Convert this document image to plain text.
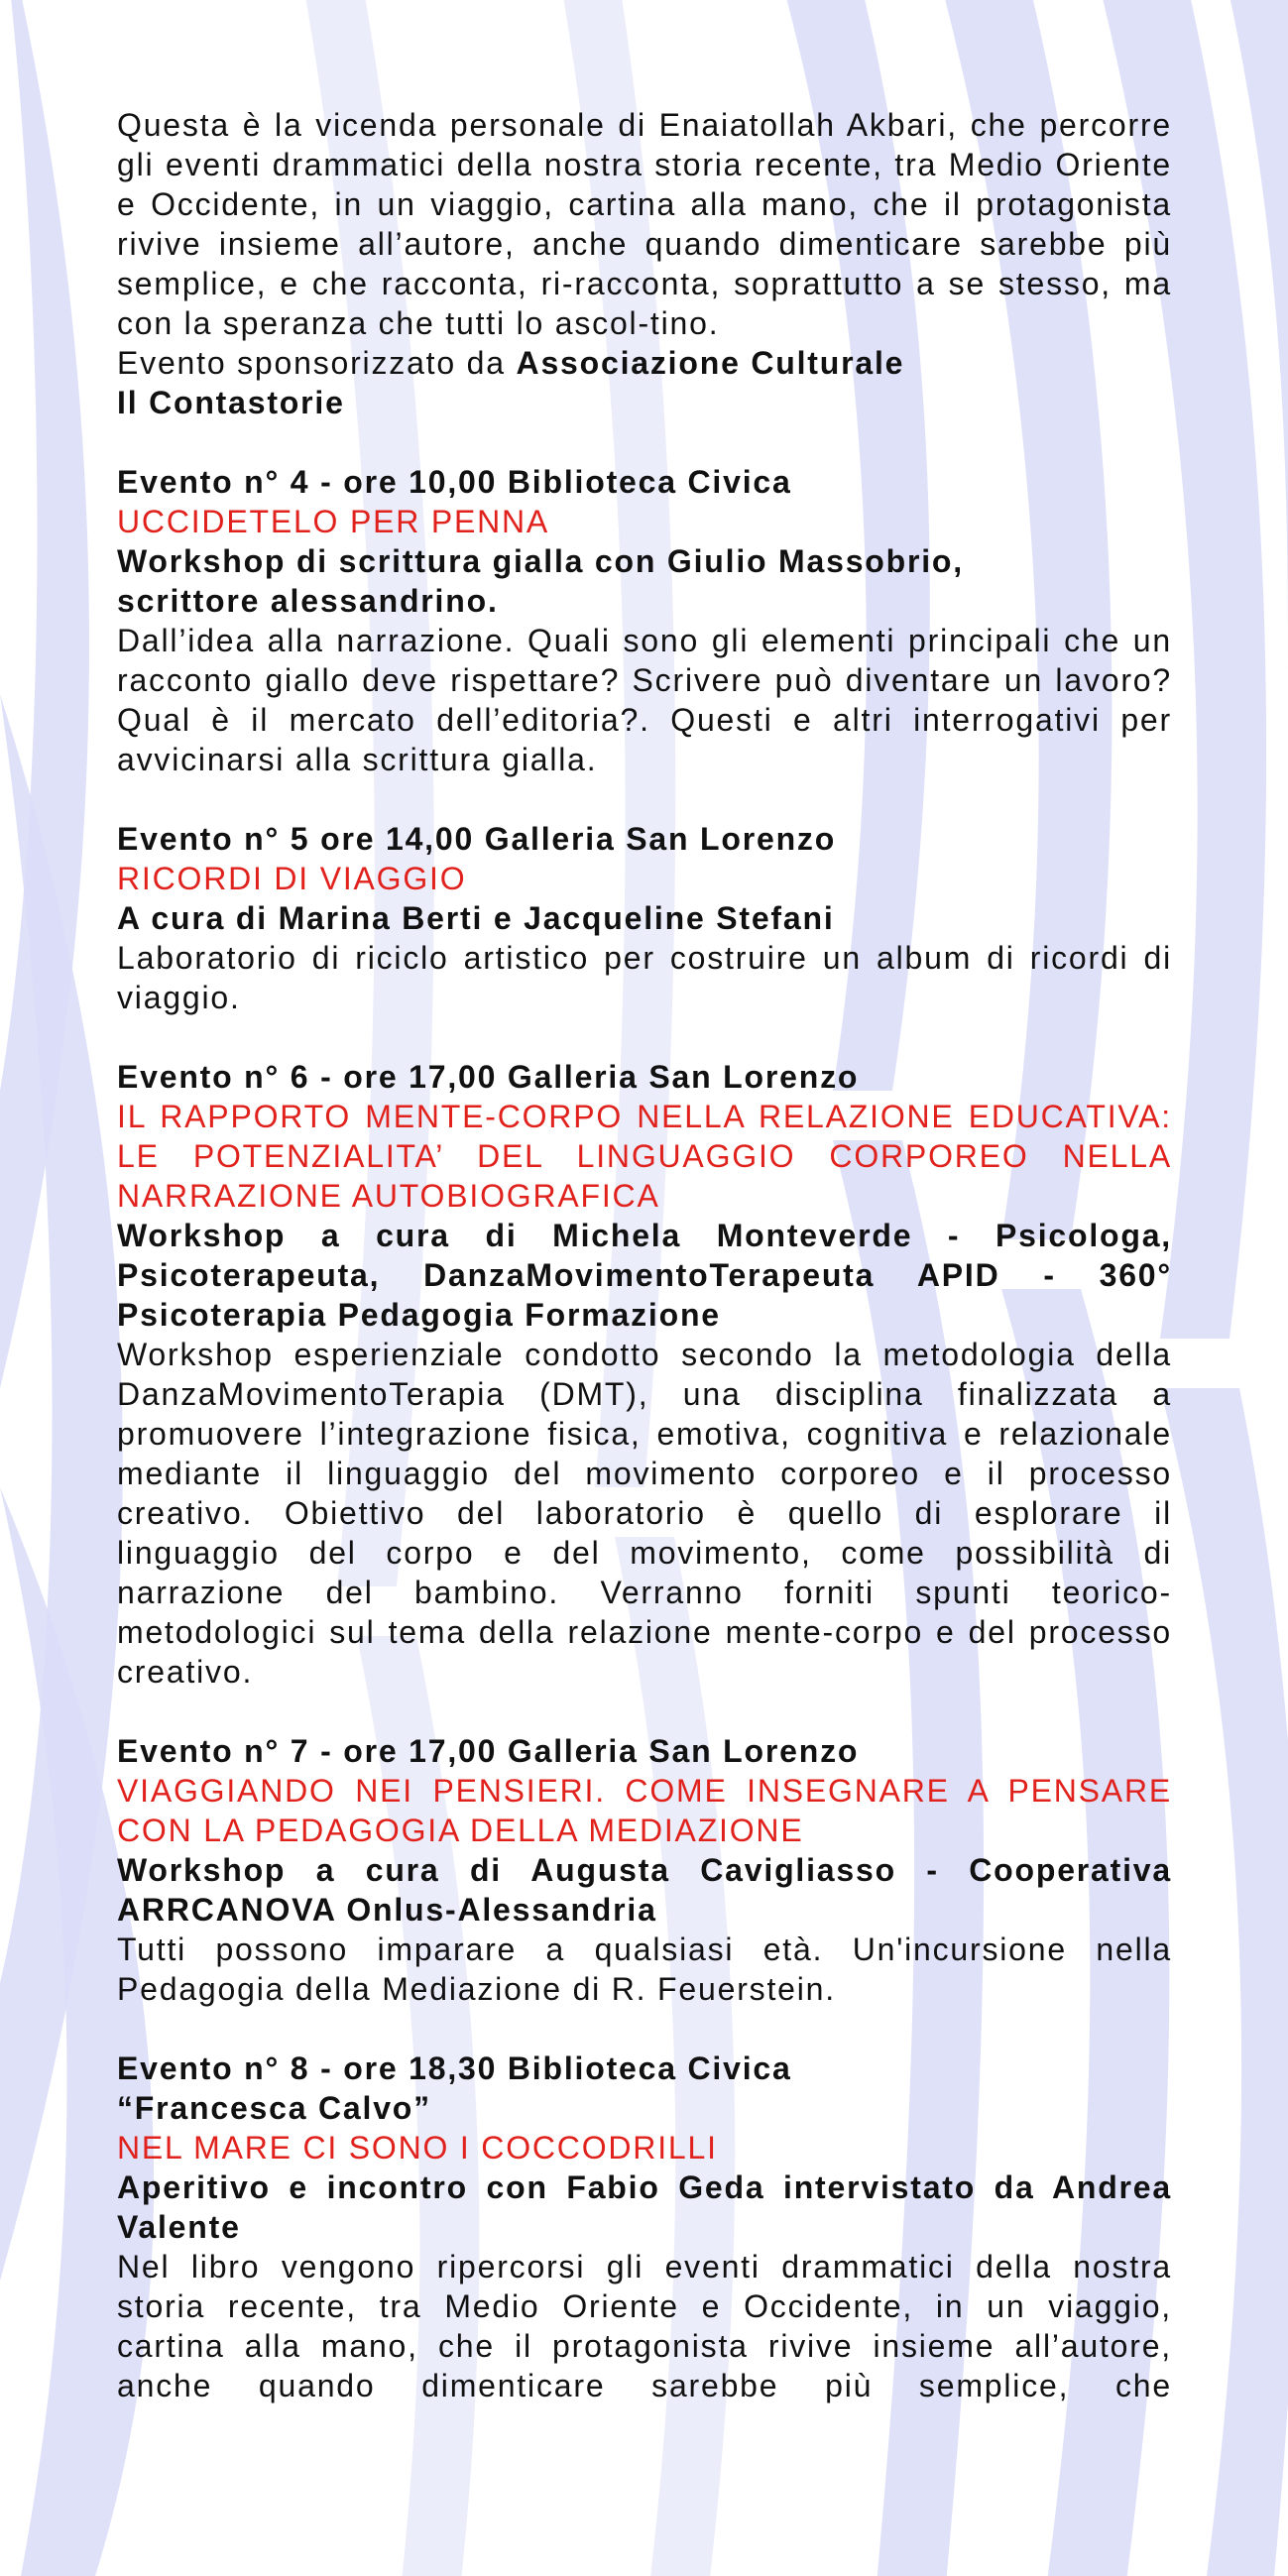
Questa è la vicenda personale di Enaiatollah Akbari, che percorre gli eventi drammatici della nostra storia recente, tra Medio Oriente e Occidente, in un viaggio, cartina alla mano, che il protagonista rivive insieme all’autore, anche quando dimenticare sarebbe più semplice, e che racconta, ri-racconta, soprattutto a se stesso, ma con la speranza che tutti lo ascol-tino.

Evento sponsorizzato da Associazione Culturale
Il Contastorie

Evento n° 4 - ore 10,00 Biblioteca Civica

UCCIDETELO PER PENNA

Workshop di scrittura gialla con Giulio Massobrio,
scrittore alessandrino.

Dall’idea alla narrazione. Quali sono gli elementi principali che un racconto giallo deve rispettare? Scrivere può diventare un lavoro? Qual è il mercato dell’editoria?. Questi e altri interrogativi per avvicinarsi alla scrittura gialla.

Evento n° 5 ore 14,00 Galleria San Lorenzo

RICORDI DI VIAGGIO

A cura di Marina Berti e Jacqueline Stefani

Laboratorio di riciclo artistico per costruire un album di ricordi di viaggio.

Evento n° 6 - ore 17,00 Galleria San Lorenzo

IL RAPPORTO MENTE-CORPO NELLA RELAZIONE EDUCATIVA: LE POTENZIALITA’ DEL LINGUAGGIO CORPOREO NELLA NARRAZIONE AUTOBIOGRAFICA

Workshop a cura di Michela Monteverde - Psicologa, Psicoterapeuta, DanzaMovimentoTerapeuta APID - 360° Psicoterapia Pedagogia Formazione

Workshop esperienziale condotto secondo la metodologia della DanzaMovimentoTerapia (DMT), una disciplina finalizzata a promuovere l’integrazione fisica, emotiva, cognitiva e relazionale mediante il linguaggio del movimento corporeo e il processo creativo. Obiettivo del laboratorio è quello di esplorare il linguaggio del corpo e del movimento, come possibilità di narrazione del bambino. Verranno forniti spunti teorico-metodologici sul tema della relazione mente-corpo e del processo creativo.

Evento n° 7 - ore 17,00 Galleria San Lorenzo

VIAGGIANDO NEI PENSIERI. COME INSEGNARE A PENSARE CON LA PEDAGOGIA DELLA MEDIAZIONE

Workshop a cura di Augusta Cavigliasso - Cooperativa ARRCANOVA Onlus-Alessandria

Tutti possono imparare a qualsiasi età. Un'incursione nella Pedagogia della Mediazione di R. Feuerstein.

Evento n° 8 - ore 18,30 Biblioteca Civica
“Francesca Calvo”

NEL MARE CI SONO I COCCODRILLI

Aperitivo e incontro con Fabio Geda intervistato da Andrea Valente

Nel libro vengono ripercorsi gli eventi drammatici della nostra storia recente, tra Medio Oriente e Occidente, in un viaggio, cartina alla mano, che il protagonista rivive insieme all’autore, anche quando dimenticare sarebbe più semplice, che
